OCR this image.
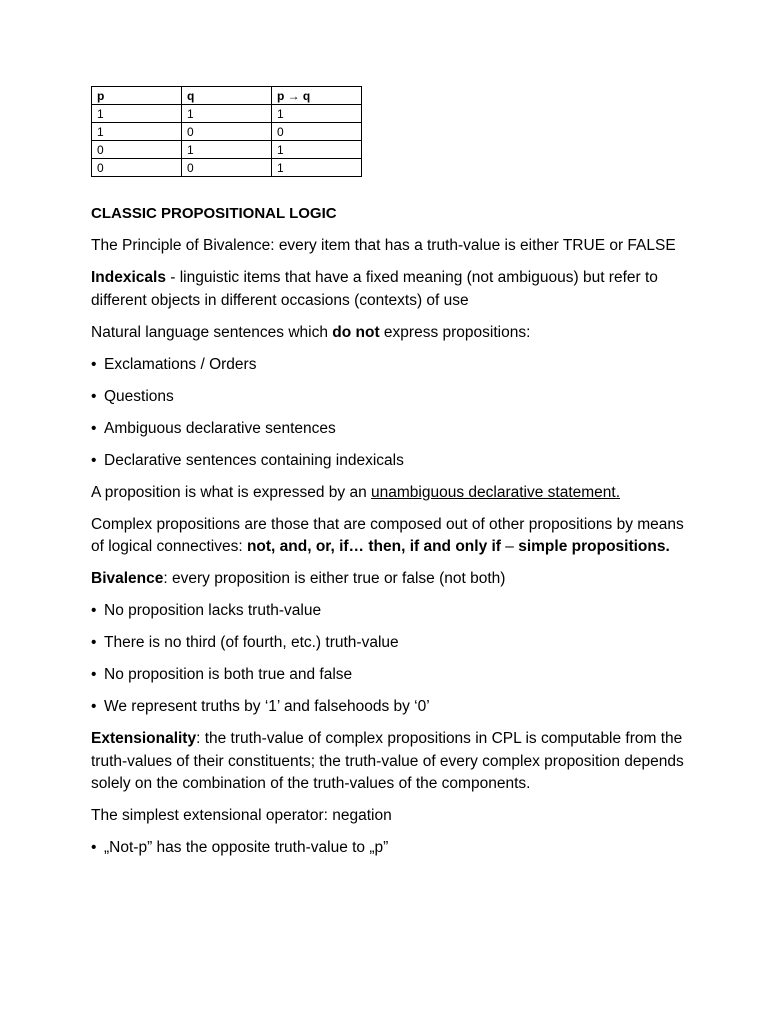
p	q	p → q
1	1	1
1	0	0
0	1	1
0	0	1

CLASSIC PROPOSITIONAL LOGIC

The Principle of Bivalence: every item that has a truth-value is either TRUE or FALSE

Indexicals - linguistic items that have a fixed meaning (not ambiguous) but refer to different objects in different occasions (contexts) of use

Natural language sentences which do not express propositions:

• Exclamations / Orders

• Questions

• Ambiguous declarative sentences

• Declarative sentences containing indexicals

A proposition is what is expressed by an unambiguous declarative statement.

Complex propositions are those that are composed out of other propositions by means of logical connectives: not, and, or, if… then, if and only if – simple propositions.

Bivalence: every proposition is either true or false (not both)

• No proposition lacks truth-value

• There is no third (of fourth, etc.) truth-value

• No proposition is both true and false

• We represent truths by ‘1’ and falsehoods by ‘0’

Extensionality: the truth-value of complex propositions in CPL is computable from the truth-values of their constituents; the truth-value of every complex proposition depends solely on the combination of the truth-values of the components.

The simplest extensional operator: negation

• „Not-p” has the opposite truth-value to „p”
